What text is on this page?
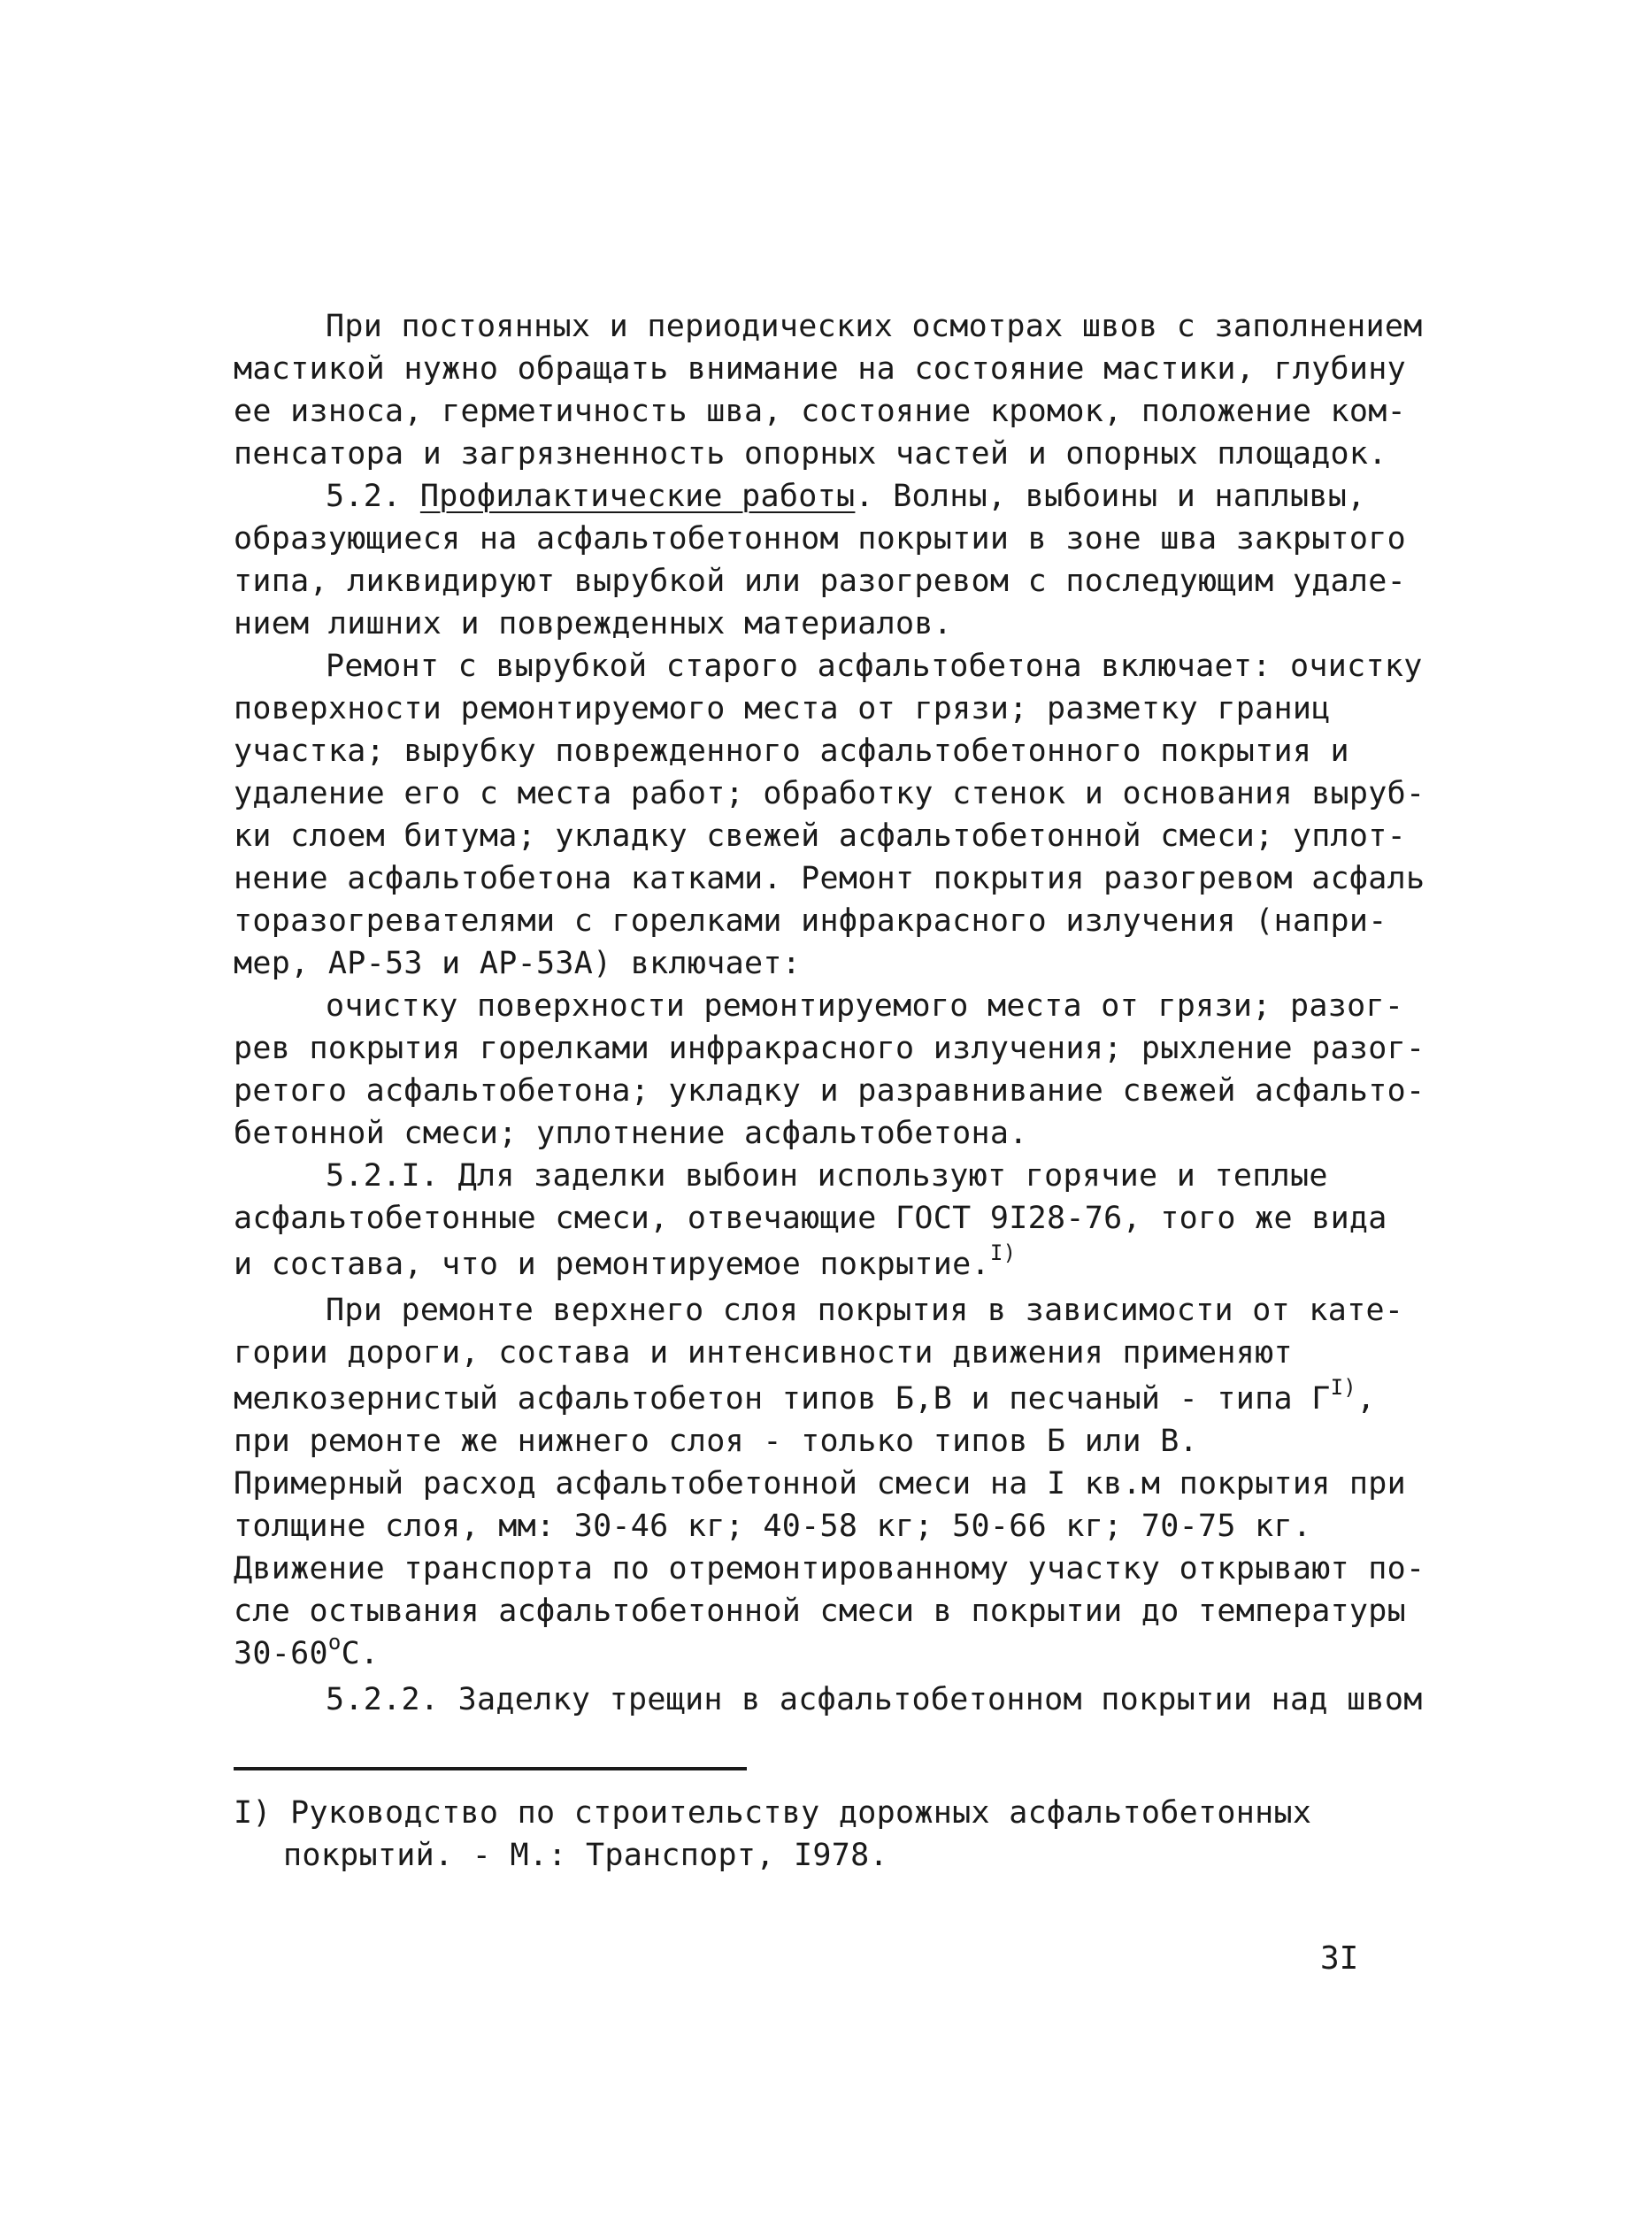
При постоянных и периодических осмотрах швов с заполнением
мастикой нужно обращать внимание на состояние мастики, глубину
ее износа, герметичность шва, состояние кромок, положение ком-
пенсатора и загрязненность опорных частей и опорных площадок.
5.2. Профилактические работы. Волны, выбоины и наплывы,
образующиеся на асфальтобетонном покрытии в зоне шва закрытого
типа, ликвидируют вырубкой или разогревом с последующим удале-
нием лишних и поврежденных материалов.
Ремонт с вырубкой старого асфальтобетона включает: очистку
поверхности ремонтируемого места от грязи; разметку границ
участка; вырубку поврежденного асфальтобетонного покрытия и
удаление его с места работ; обработку стенок и основания выруб-
ки слоем битума; укладку свежей асфальтобетонной смеси; уплот-
нение асфальтобетона катками. Ремонт покрытия разогревом асфаль
торазогревателями с горелками инфракрасного излучения (напри-
мер, АР-53 и АР-53А) включает:
очистку поверхности ремонтируемого места от грязи; разог-
рев покрытия горелками инфракрасного излучения; рыхление разог-
ретого асфальтобетона; укладку и разравнивание свежей асфальто-
бетонной смеси; уплотнение асфальтобетона.
5.2.I. Для заделки выбоин используют горячие и теплые
асфальтобетонные смеси, отвечающие ГОСТ 9I28-76, того же вида
и состава, что и ремонтируемое покрытие.$^{I)}$
При ремонте верхнего слоя покрытия в зависимости от кате-
гории дороги, состава и интенсивности движения применяют
мелкозернистый асфальтобетон типов Б,В и песчаный - типа $Г^{I)}$,
при ремонте же нижнего слоя - только типов Б или В.
Примерный расход асфальтобетонной смеси на I кв.м покрытия при
толщине слоя, мм: 30-46 кг; 40-58 кг; 50-66 кг; 70-75 кг.
Движение транспорта по отремонтированному участку открывают по-
сле остывания асфальтобетонной смеси в покрытии до температуры
$30-60^оС$.
5.2.2. Заделку трещин в асфальтобетонном покрытии над швом
I) Руководство по строительству дорожных асфальтобетонных
покрытий. - М.: Транспорт, I978.
3I
